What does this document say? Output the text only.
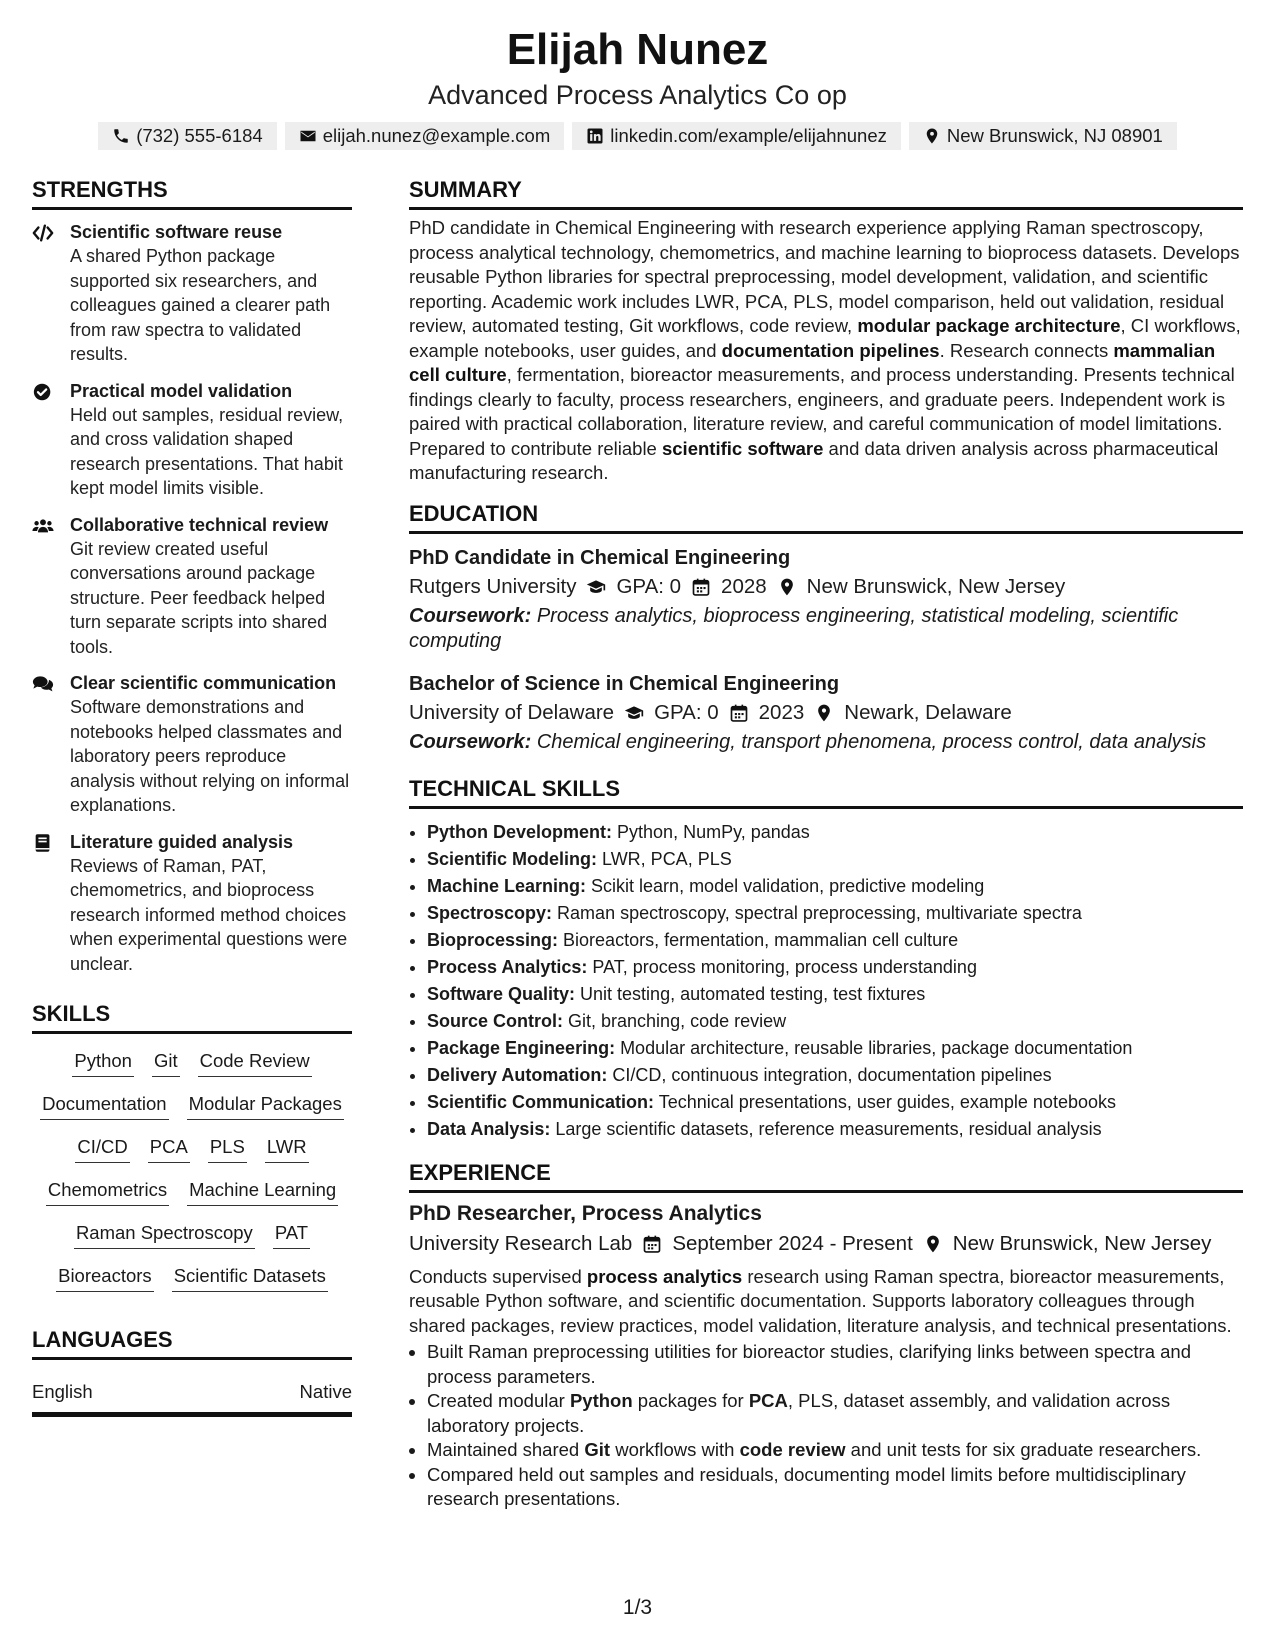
Elijah Nunez
Advanced Process Analytics Co op
(732) 555-6184	elijah.nunez@example.com	linkedin.com/example/elijahnunez	New Brunswick, NJ 08901
STRENGTHS
Scientific software reuse
A shared Python package supported six researchers, and colleagues gained a clearer path from raw spectra to validated results.
Practical model validation
Held out samples, residual review, and cross validation shaped research presentations. That habit kept model limits visible.
Collaborative technical review
Git review created useful conversations around package structure. Peer feedback helped turn separate scripts into shared tools.
Clear scientific communication
Software demonstrations and notebooks helped classmates and laboratory peers reproduce analysis without relying on informal explanations.
Literature guided analysis
Reviews of Raman, PAT, chemometrics, and bioprocess research informed method choices when experimental questions were unclear.
SKILLS
Python Git Code Review
Documentation Modular Packages
CI/CD PCA PLS LWR
Chemometrics Machine Learning
Raman Spectroscopy PAT
Bioreactors Scientific Datasets
LANGUAGES
English	Native
SUMMARY
PhD candidate in Chemical Engineering with research experience applying Raman spectroscopy, process analytical technology, chemometrics, and machine learning to bioprocess datasets. Develops reusable Python libraries for spectral preprocessing, model development, validation, and scientific reporting. Academic work includes LWR, PCA, PLS, model comparison, held out validation, residual review, automated testing, Git workflows, code review, modular package architecture, CI workflows, example notebooks, user guides, and documentation pipelines. Research connects mammalian cell culture, fermentation, bioreactor measurements, and process understanding. Presents technical findings clearly to faculty, process researchers, engineers, and graduate peers. Independent work is paired with practical collaboration, literature review, and careful communication of model limitations. Prepared to contribute reliable scientific software and data driven analysis across pharmaceutical manufacturing research.
EDUCATION
PhD Candidate in Chemical Engineering
Rutgers University GPA: 0 2028 New Brunswick, New Jersey
Coursework: Process analytics, bioprocess engineering, statistical modeling, scientific computing
Bachelor of Science in Chemical Engineering
University of Delaware GPA: 0 2023 Newark, Delaware
Coursework: Chemical engineering, transport phenomena, process control, data analysis
TECHNICAL SKILLS
• Python Development: Python, NumPy, pandas
• Scientific Modeling: LWR, PCA, PLS
• Machine Learning: Scikit learn, model validation, predictive modeling
• Spectroscopy: Raman spectroscopy, spectral preprocessing, multivariate spectra
• Bioprocessing: Bioreactors, fermentation, mammalian cell culture
• Process Analytics: PAT, process monitoring, process understanding
• Software Quality: Unit testing, automated testing, test fixtures
• Source Control: Git, branching, code review
• Package Engineering: Modular architecture, reusable libraries, package documentation
• Delivery Automation: CI/CD, continuous integration, documentation pipelines
• Scientific Communication: Technical presentations, user guides, example notebooks
• Data Analysis: Large scientific datasets, reference measurements, residual analysis
EXPERIENCE
PhD Researcher, Process Analytics
University Research Lab September 2024 - Present New Brunswick, New Jersey
Conducts supervised process analytics research using Raman spectra, bioreactor measurements, reusable Python software, and scientific documentation. Supports laboratory colleagues through shared packages, review practices, model validation, literature analysis, and technical presentations.
• Built Raman preprocessing utilities for bioreactor studies, clarifying links between spectra and process parameters.
• Created modular Python packages for PCA, PLS, dataset assembly, and validation across laboratory projects.
• Maintained shared Git workflows with code review and unit tests for six graduate researchers.
• Compared held out samples and residuals, documenting model limits before multidisciplinary research presentations.
1/3
